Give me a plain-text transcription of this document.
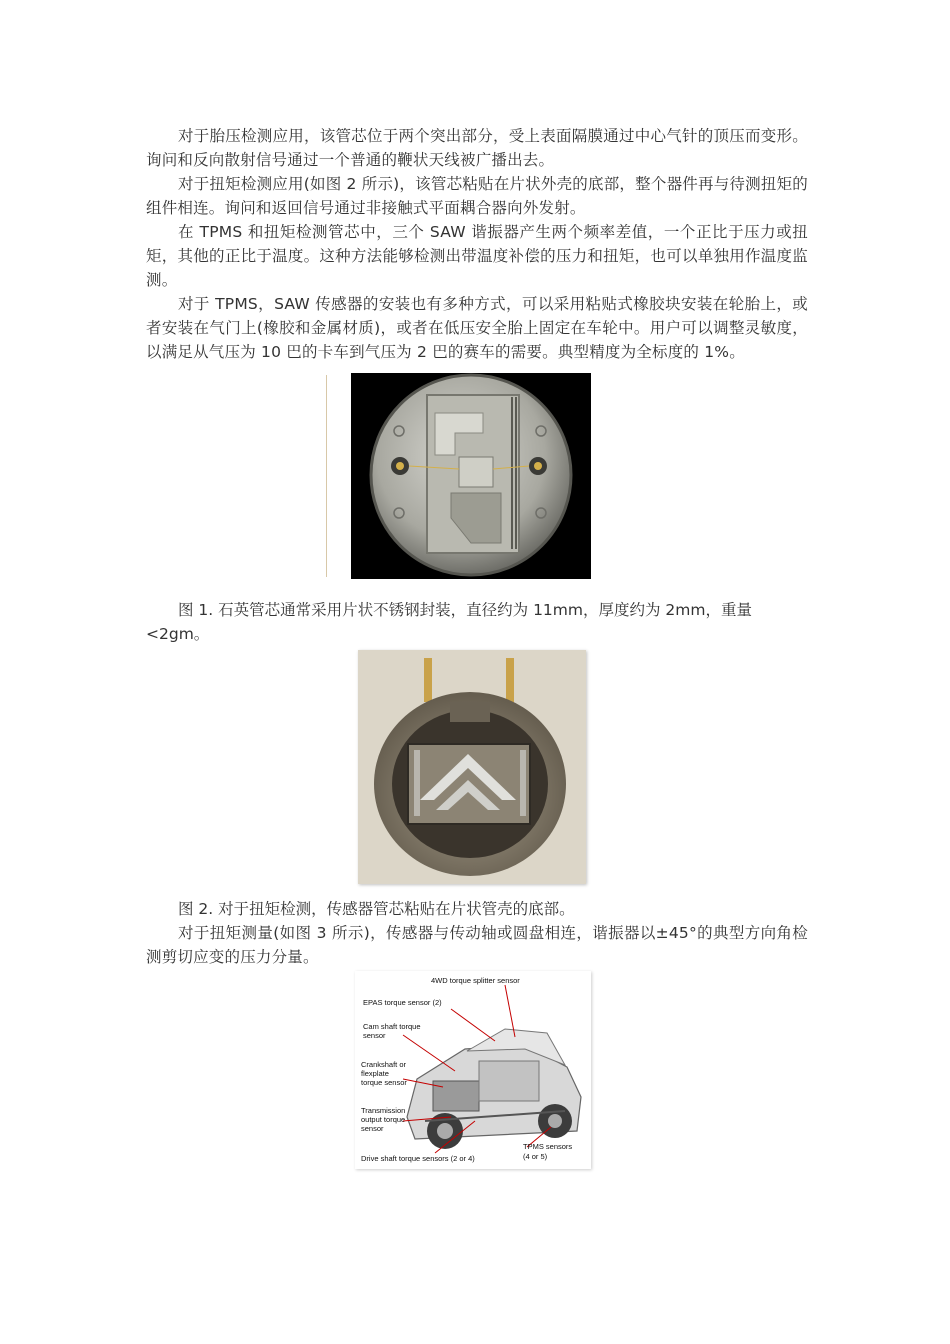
对于胎压检测应用，该管芯位于两个突出部分，受上表面隔膜通过中心气针的顶压而变形。询问和反向散射信号通过一个普通的鞭状天线被广播出去。

对于扭矩检测应用(如图 2 所示)，该管芯粘贴在片状外壳的底部，整个器件再与待测扭矩的组件相连。询问和返回信号通过非接触式平面耦合器向外发射。

在 TPMS 和扭矩检测管芯中，三个 SAW 谐振器产生两个频率差值，一个正比于压力或扭矩，其他的正比于温度。这种方法能够检测出带温度补偿的压力和扭矩，也可以单独用作温度监测。

对于 TPMS，SAW 传感器的安装也有多种方式，可以采用粘贴式橡胶块安装在轮胎上，或者安装在气门上(橡胶和金属材质)，或者在低压安全胎上固定在车轮中。用户可以调整灵敏度，以满足从气压为 10 巴的卡车到气压为 2 巴的赛车的需要。典型精度为全标度的 1%。

图 1. 石英管芯通常采用片状不锈钢封装，直径约为 11mm，厚度约为 2mm，重量<2gm。
图 2. 对于扭矩检测，传感器管芯粘贴在片状管壳的底部。

对于扭矩测量(如图 3 所示)，传感器与传动轴或圆盘相连，谐振器以±45°的典型方向角检测剪切应变的压力分量。

4WD torque splitter sensor
EPAS torque sensor (2)
Cam shaft torque
sensor
Crankshaft or
flexplate
torque sensor
Transmission
output torque
sensor
Drive shaft torque sensors (2 or 4)
TPMS sensors
(4 or 5)
